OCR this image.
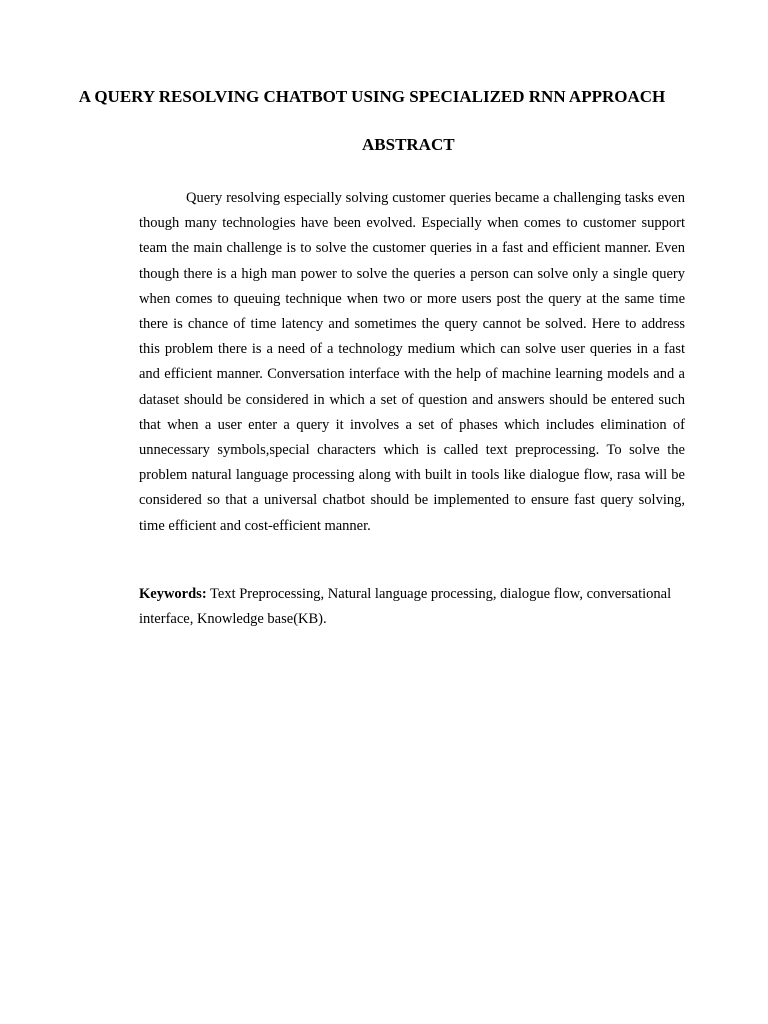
A QUERY RESOLVING CHATBOT USING SPECIALIZED RNN APPROACH
ABSTRACT

Query resolving especially solving customer queries became a challenging tasks even though many technologies have been evolved. Especially when comes to customer support team the main challenge is to solve the customer queries in a fast and efficient manner. Even though there is a high man power to solve the queries a person can solve only a single query when comes to queuing technique when two or more users post the query at the same time there is chance of time latency and sometimes the query cannot be solved. Here to address this problem there is a need of a technology medium which can solve user queries in a fast and efficient manner. Conversation interface with the help of machine learning models and a dataset should be considered in which a set of question and answers should be entered such that when a user enter a query it involves a set of phases which includes elimination of unnecessary symbols,special characters which is called text preprocessing. To solve the problem natural language processing along with built in tools like dialogue flow, rasa will be considered so that a universal chatbot should be implemented to ensure fast query solving, time efficient and cost-efficient manner.

Keywords: Text Preprocessing, Natural language processing, dialogue flow, conversational interface, Knowledge base(KB).
